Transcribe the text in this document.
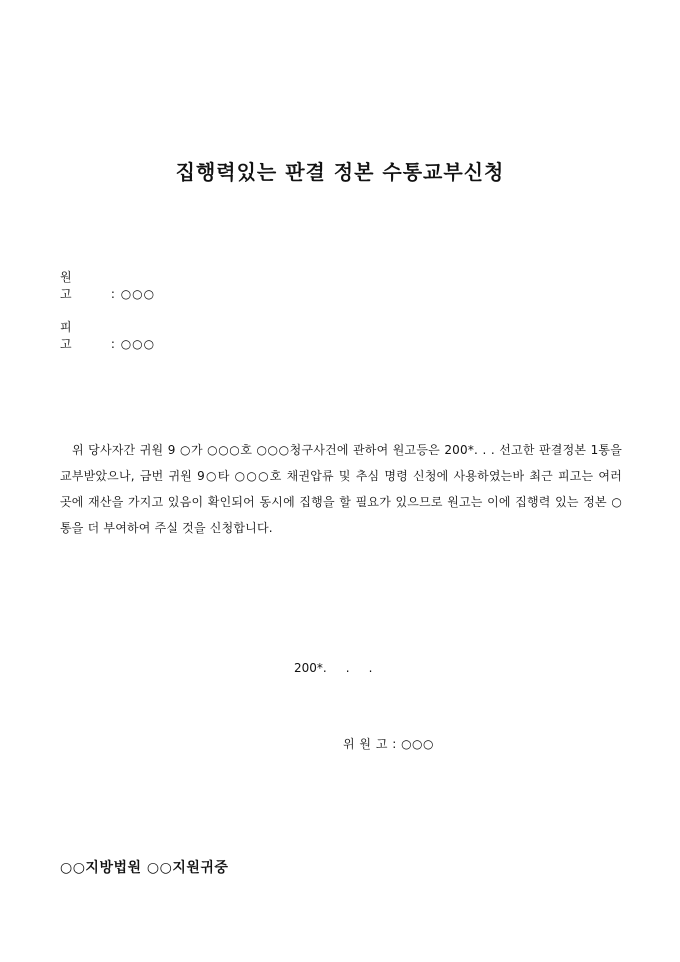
집행력있는 판결 정본 수통교부신청
원 고 : ○○○
피 고 : ○○○
위 당사자간 귀원 9 ○가 ○○○호 ○○○청구사건에 관하여 원고등은 200*. . . 선고한 판결정본 1통을 교부받았으나, 금번 귀원 9○타 ○○○호 채권압류 및 추심 명령 신청에 사용하였는바 최근 피고는 여러 곳에 재산을 가지고 있음이 확인되어 동시에 집행을 할 필요가 있으므로 원고는 이에 집행력 있는 정본 ○통을 더 부여하여 주실 것을 신청합니다.
200*.     .     .
위 원 고 : ○○○
○○지방법원 ○○지원귀중
